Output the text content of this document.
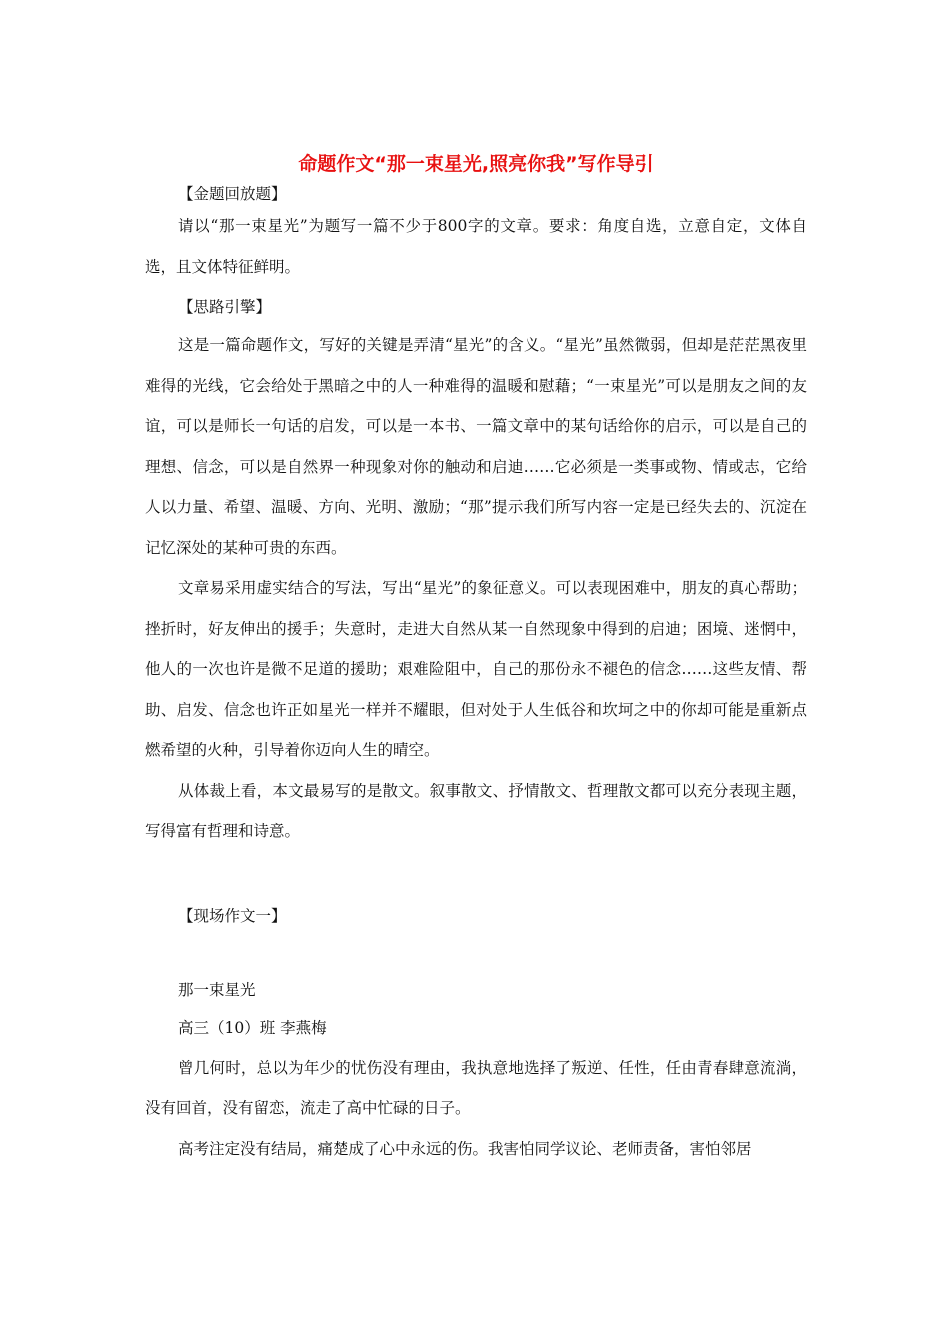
命题作文“那一束星光,照亮你我”写作导引
【金题回放题】

请以“那一束星光”为题写一篇不少于800字的文章。要求：角度自选，立意自定，文体自选，且文体特征鲜明。

【思路引擎】

这是一篇命题作文，写好的关键是弄清“星光”的含义。“星光”虽然微弱，但却是茫茫黑夜里难得的光线，它会给处于黑暗之中的人一种难得的温暖和慰藉；“一束星光”可以是朋友之间的友谊，可以是师长一句话的启发，可以是一本书、一篇文章中的某句话给你的启示，可以是自己的理想、信念，可以是自然界一种现象对你的触动和启迪……它必须是一类事或物、情或志，它给人以力量、希望、温暖、方向、光明、激励；“那”提示我们所写内容一定是已经失去的、沉淀在记忆深处的某种可贵的东西。

文章易采用虚实结合的写法，写出“星光”的象征意义。可以表现困难中，朋友的真心帮助；挫折时，好友伸出的援手；失意时，走进大自然从某一自然现象中得到的启迪；困境、迷惘中，他人的一次也许是微不足道的援助；艰难险阻中，自己的那份永不褪色的信念……这些友情、帮助、启发、信念也许正如星光一样并不耀眼，但对处于人生低谷和坎坷之中的你却可能是重新点燃希望的火种，引导着你迈向人生的晴空。

从体裁上看，本文最易写的是散文。叙事散文、抒情散文、哲理散文都可以充分表现主题，写得富有哲理和诗意。

【现场作文一】
那一束星光
高三（10）班 李燕梅

曾几何时，总以为年少的忧伤没有理由，我执意地选择了叛逆、任性，任由青春肆意流淌，没有回首，没有留恋，流走了高中忙碌的日子。

高考注定没有结局，痛楚成了心中永远的伤。我害怕同学议论、老师责备，害怕邻居
